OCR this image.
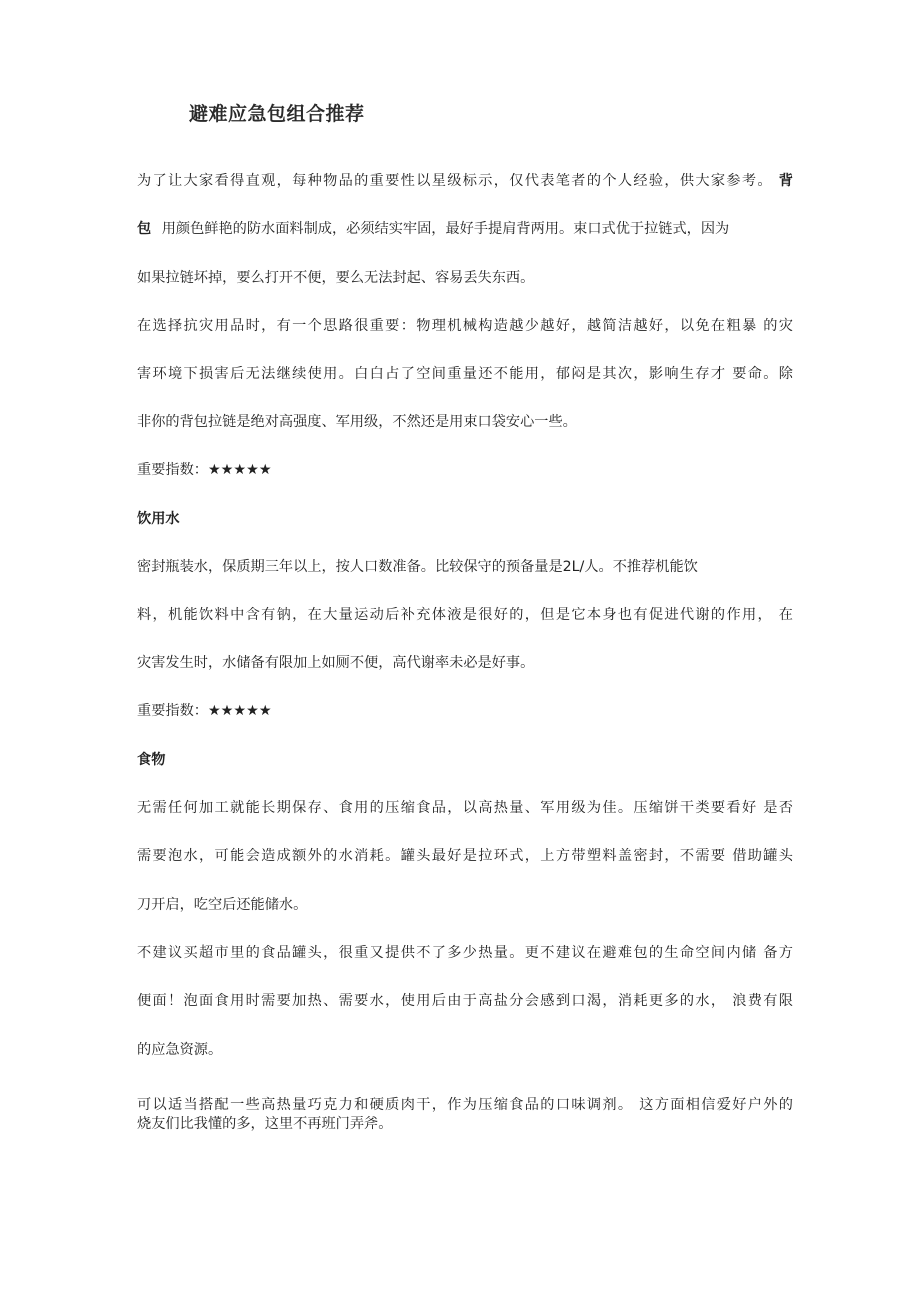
避难应急包组合推荐
为了让大家看得直观，每种物品的重要性以星级标示，仅代表笔者的个人经验，供大家参考。 背
包 用颜色鲜艳的防水面料制成，必须结实牢固，最好手提肩背两用。束口式优于拉链式，因为
如果拉链坏掉，要么打开不便，要么无法封起、容易丢失东西。
在选择抗灾用品时，有一个思路很重要：物理机械构造越少越好，越简洁越好，以免在粗暴 的灾
害环境下损害后无法继续使用。白白占了空间重量还不能用，郁闷是其次，影响生存才 要命。除
非你的背包拉链是绝对高强度、军用级，不然还是用束口袋安心一些。
重要指数：★★★★★
饮用水
密封瓶装水，保质期三年以上，按人口数准备。比较保守的预备量是2L/人。不推荐机能饮
料，机能饮料中含有钠，在大量运动后补充体液是很好的，但是它本身也有促进代谢的作用， 在
灾害发生时，水储备有限加上如厕不便，高代谢率未必是好事。
重要指数：★★★★★
食物
无需任何加工就能长期保存、食用的压缩食品，以高热量、军用级为佳。压缩饼干类要看好 是否
需要泡水，可能会造成额外的水消耗。罐头最好是拉环式，上方带塑料盖密封，不需要 借助罐头
刀开启，吃空后还能储水。
不建议买超市里的食品罐头，很重又提供不了多少热量。更不建议在避难包的生命空间内储 备方
便面！泡面食用时需要加热、需要水，使用后由于高盐分会感到口渴，消耗更多的水， 浪费有限
的应急资源。
可以适当搭配一些高热量巧克力和硬质肉干，作为压缩食品的口味调剂。 这方面相信爱好户外的
烧友们比我懂的多，这里不再班门弄斧。
